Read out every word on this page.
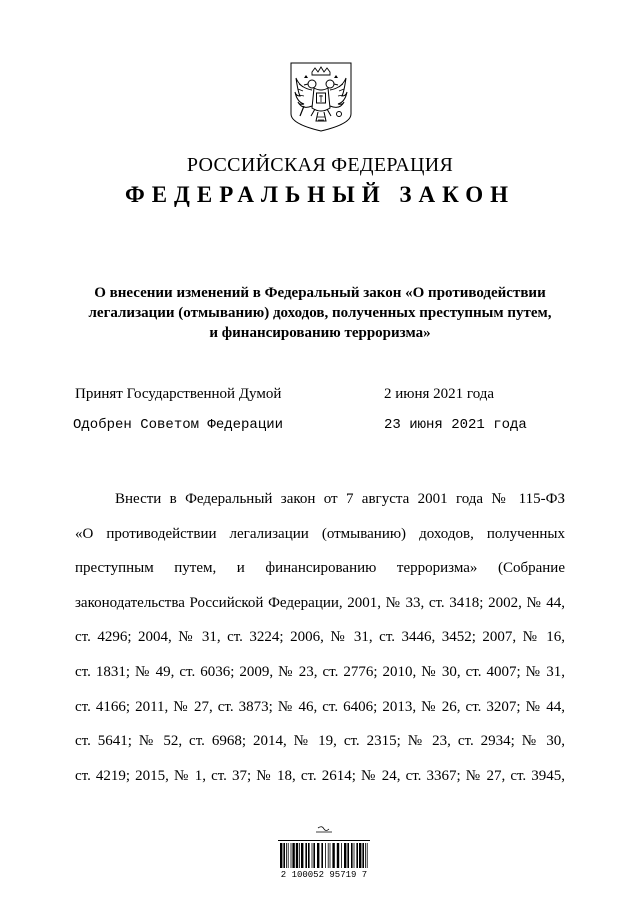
РОССИЙСКАЯ ФЕДЕРАЦИЯ
ФЕДЕРАЛЬНЫЙ ЗАКОН
О внесении изменений в Федеральный закон «О противодействии
легализации (отмыванию) доходов, полученных преступным путем,
и финансированию терроризма»
Принят Государственной Думой	2 июня 2021 года
Одобрен Советом Федерации	23 июня 2021 года
Внести в Федеральный закон от 7 августа 2001 года № 115-ФЗ
«О противодействии легализации (отмыванию) доходов, полученных
преступным путем, и финансированию терроризма» (Собрание
законодательства Российской Федерации, 2001, № 33, ст. 3418; 2002, № 44,
ст. 4296; 2004, № 31, ст. 3224; 2006, № 31, ст. 3446, 3452; 2007, № 16,
ст. 1831; № 49, ст. 6036; 2009, № 23, ст. 2776; 2010, № 30, ст. 4007; № 31,
ст. 4166; 2011, № 27, ст. 3873; № 46, ст. 6406; 2013, № 26, ст. 3207; № 44,
ст. 5641; № 52, ст. 6968; 2014, № 19, ст. 2315; № 23, ст. 2934; № 30,
ст. 4219; 2015, № 1, ст. 37; № 18, ст. 2614; № 24, ст. 3367; № 27, ст. 3945,
2 100052 95719 7
